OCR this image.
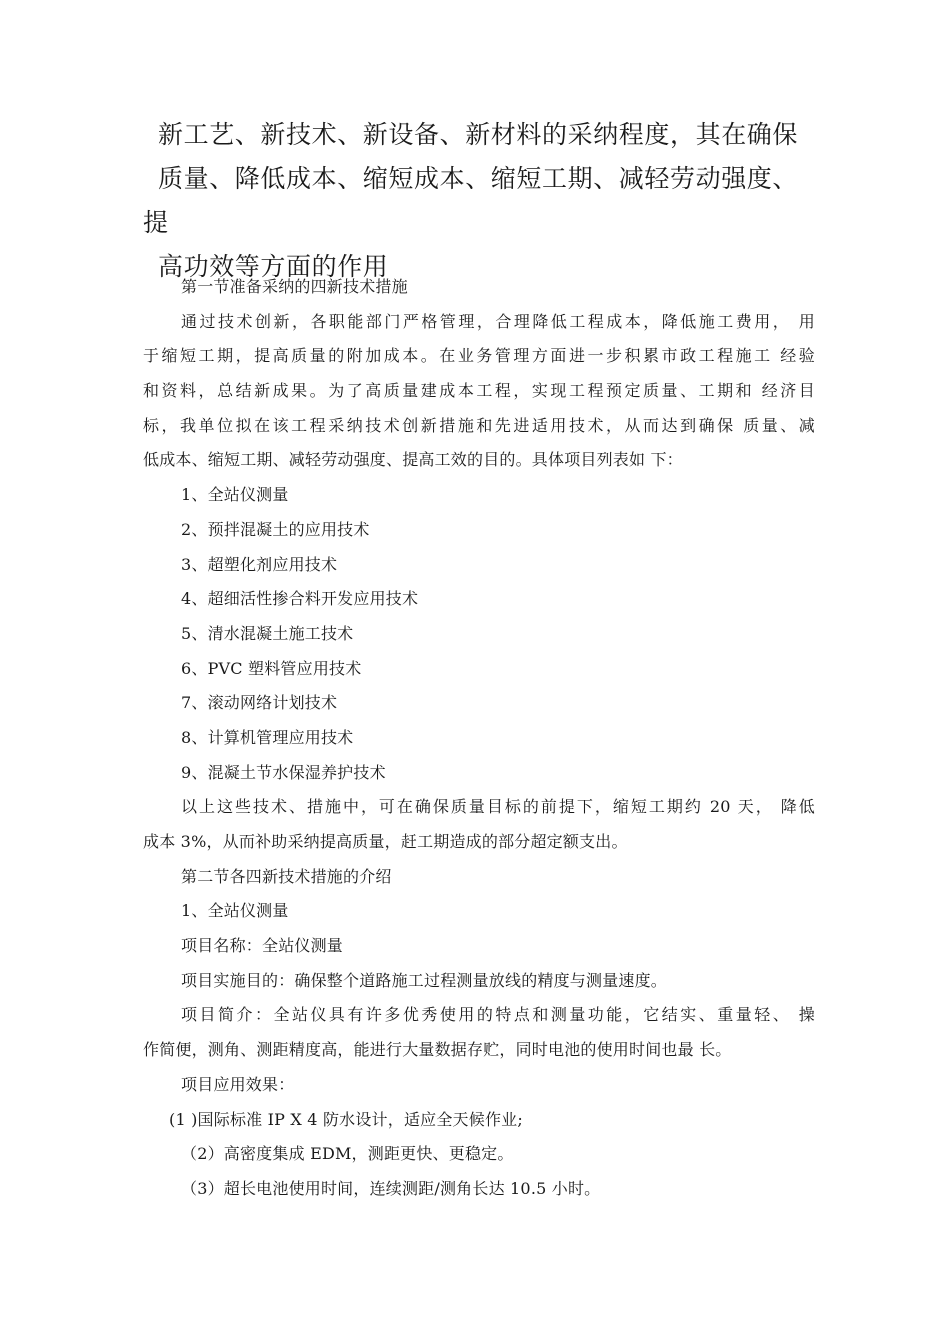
新工艺、新技术、新设备、新材料的采纳程度，其在确保
质量、降低成本、缩短成本、缩短工期、减轻劳动强度、提
高功效等方面的作用

第一节准备采纳的四新技术措施

通过技术创新，各职能部门严格管理，合理降低工程成本，降低施工费用， 用

于缩短工期，提高质量的附加成本。在业务管理方面进一步积累市政工程施工 经验

和资料，总结新成果。为了高质量建成本工程，实现工程预定质量、工期和 经济目

标，我单位拟在该工程采纳技术创新措施和先进适用技术，从而达到确保 质量、减

低成本、缩短工期、减轻劳动强度、提高工效的目的。具体项目列表如 下：

1、全站仪测量

2、预拌混凝土的应用技术

3、超塑化剂应用技术

4、超细活性掺合料开发应用技术

5、清水混凝土施工技术

6、PVC 塑料管应用技术

7、滚动网络计划技术

8、计算机管理应用技术

9、混凝土节水保湿养护技术

以上这些技术、措施中，可在确保质量目标的前提下，缩短工期约 20 天， 降低

成本 3%，从而补助采纳提高质量，赶工期造成的部分超定额支出。

第二节各四新技术措施的介绍

1、全站仪测量

项目名称：全站仪测量

项目实施目的：确保整个道路施工过程测量放线的精度与测量速度。

项目简介：全站仪具有许多优秀使用的特点和测量功能，它结实、重量轻、 操

作简便，测角、测距精度高，能进行大量数据存贮，同时电池的使用时间也最 长。

项目应用效果：

(1 )国际标准 IP X 4 防水设计，适应全天候作业;

（2）高密度集成 EDM，测距更快、更稳定。

（3）超长电池使用时间，连续测距/测角长达 10.5 小时。
